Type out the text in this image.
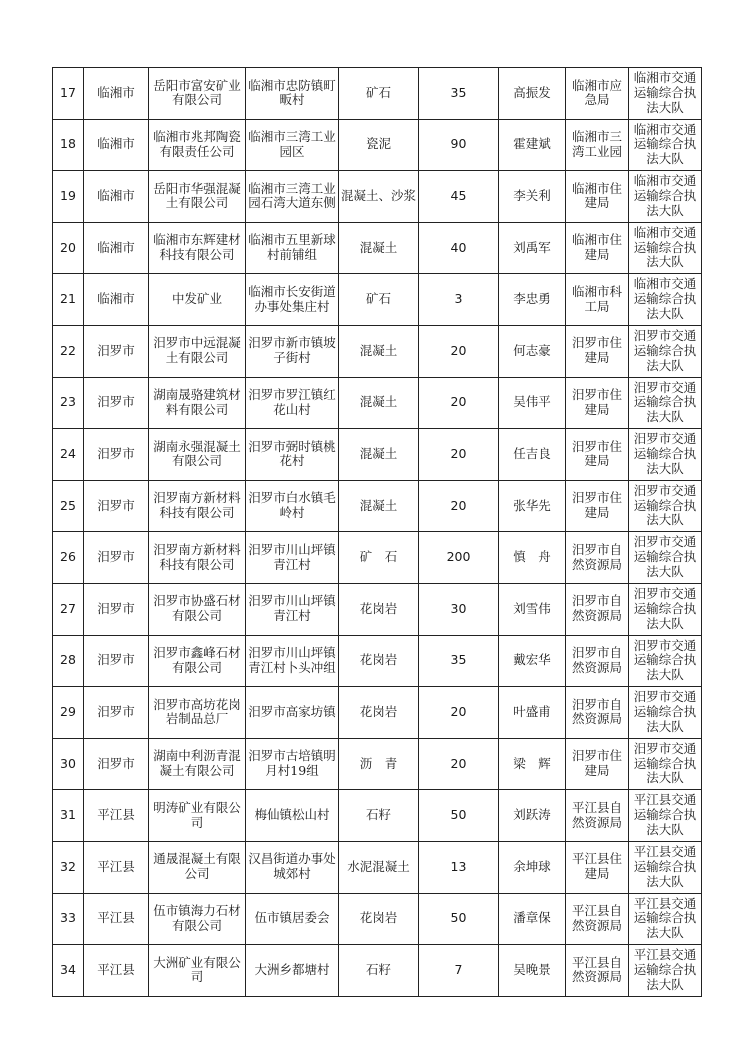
17	临湘市	岳阳市富安矿业有限公司	临湘市忠防镇町畈村	矿石	35	高振发	临湘市应急局	临湘市交通运输综合执法大队
18	临湘市	临湘市兆邦陶瓷有限责任公司	临湘市三湾工业园区	瓷泥	90	霍建斌	临湘市三湾工业园	临湘市交通运输综合执法大队
19	临湘市	岳阳市华强混凝土有限公司	临湘市三湾工业园石湾大道东侧	混凝土、沙浆	45	李关利	临湘市住建局	临湘市交通运输综合执法大队
20	临湘市	临湘市东辉建材科技有限公司	临湘市五里新球村前铺组	混凝土	40	刘禹军	临湘市住建局	临湘市交通运输综合执法大队
21	临湘市	中发矿业	临湘市长安街道办事处集庄村	矿石	3	李忠勇	临湘市科工局	临湘市交通运输综合执法大队
22	汨罗市	汨罗市中远混凝土有限公司	汨罗市新市镇坡子街村	混凝土	20	何志豪	汨罗市住建局	汨罗市交通运输综合执法大队
23	汨罗市	湖南晟骆建筑材料有限公司	汨罗市罗江镇红花山村	混凝土	20	吴伟平	汨罗市住建局	汨罗市交通运输综合执法大队
24	汨罗市	湖南永强混凝土有限公司	汨罗市弼时镇桃花村	混凝土	20	任吉良	汨罗市住建局	汨罗市交通运输综合执法大队
25	汨罗市	汨罗南方新材料科技有限公司	汨罗市白水镇毛岭村	混凝土	20	张华先	汨罗市住建局	汨罗市交通运输综合执法大队
26	汨罗市	汨罗南方新材料科技有限公司	汨罗市川山坪镇青江村	矿　石	200	慎　舟	汨罗市自然资源局	汨罗市交通运输综合执法大队
27	汨罗市	汨罗市协盛石材有限公司	汨罗市川山坪镇青江村	花岗岩	30	刘雪伟	汨罗市自然资源局	汨罗市交通运输综合执法大队
28	汨罗市	汨罗市鑫峰石材有限公司	汨罗市川山坪镇青江村卜头冲组	花岗岩	35	戴宏华	汨罗市自然资源局	汨罗市交通运输综合执法大队
29	汨罗市	汨罗市高坊花岗岩制品总厂	汨罗市高家坊镇	花岗岩	20	叶盛甫	汨罗市自然资源局	汨罗市交通运输综合执法大队
30	汨罗市	湖南中利沥青混凝土有限公司	汨罗市古培镇明月村19组	沥　青	20	梁　辉	汨罗市住建局	汨罗市交通运输综合执法大队
31	平江县	明涛矿业有限公司	梅仙镇松山村	石籽	50	刘跃涛	平江县自然资源局	平江县交通运输综合执法大队
32	平江县	通晟混凝土有限公司	汉昌街道办事处城郊村	水泥混凝土	13	余坤球	平江县住建局	平江县交通运输综合执法大队
33	平江县	伍市镇海力石材有限公司	伍市镇居委会	花岗岩	50	潘章保	平江县自然资源局	平江县交通运输综合执法大队
34	平江县	大洲矿业有限公司	大洲乡都塘村	石籽	7	吴晚景	平江县自然资源局	平江县交通运输综合执法大队
